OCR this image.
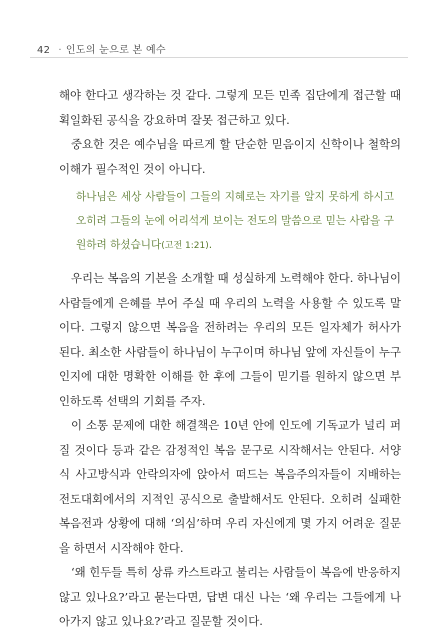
42 · 인도의 눈으로 본 예수

해야 한다고 생각하는 것 같다. 그렇게 모든 민족 집단에게 접근할 때 획일화된 공식을 강요하며 잘못 접근하고 있다.

중요한 것은 예수님을 따르게 할 단순한 믿음이지 신학이나 철학의 이해가 필수적인 것이 아니다.

하나님은 세상 사람들이 그들의 지혜로는 자기를 알지 못하게 하시고 오히려 그들의 눈에 어리석게 보이는 전도의 말씀으로 믿는 사람을 구원하려 하셨습니다(고전 1:21).

우리는 복음의 기본을 소개할 때 성실하게 노력해야 한다. 하나님이 사람들에게 은혜를 부어 주실 때 우리의 노력을 사용할 수 있도록 말이다. 그렇지 않으면 복음을 전하려는 우리의 모든 일자체가 허사가 된다. 최소한 사람들이 하나님이 누구이며 하나님 앞에 자신들이 누구인지에 대한 명확한 이해를 한 후에 그들이 믿기를 원하지 않으면 부인하도록 선택의 기회를 주자.

이 소통 문제에 대한 해결책은 10년 안에 인도에 기독교가 널리 퍼질 것이다 등과 같은 감정적인 복음 문구로 시작해서는 안된다. 서양식 사고방식과 안락의자에 앉아서 떠드는 복음주의자들이 지배하는 전도대회에서의 지적인 공식으로 출발해서도 안된다. 오히려 실패한 복음전과 상황에 대해 ‘의심’하며 우리 자신에게 몇 가지 어려운 질문을 하면서 시작해야 한다.

‘왜 힌두들 특히 상류 카스트라고 불리는 사람들이 복음에 반응하지 않고 있나요?’라고 묻는다면, 답변 대신 나는 ‘왜 우리는 그들에게 나아가지 않고 있나요?’라고 질문할 것이다.
